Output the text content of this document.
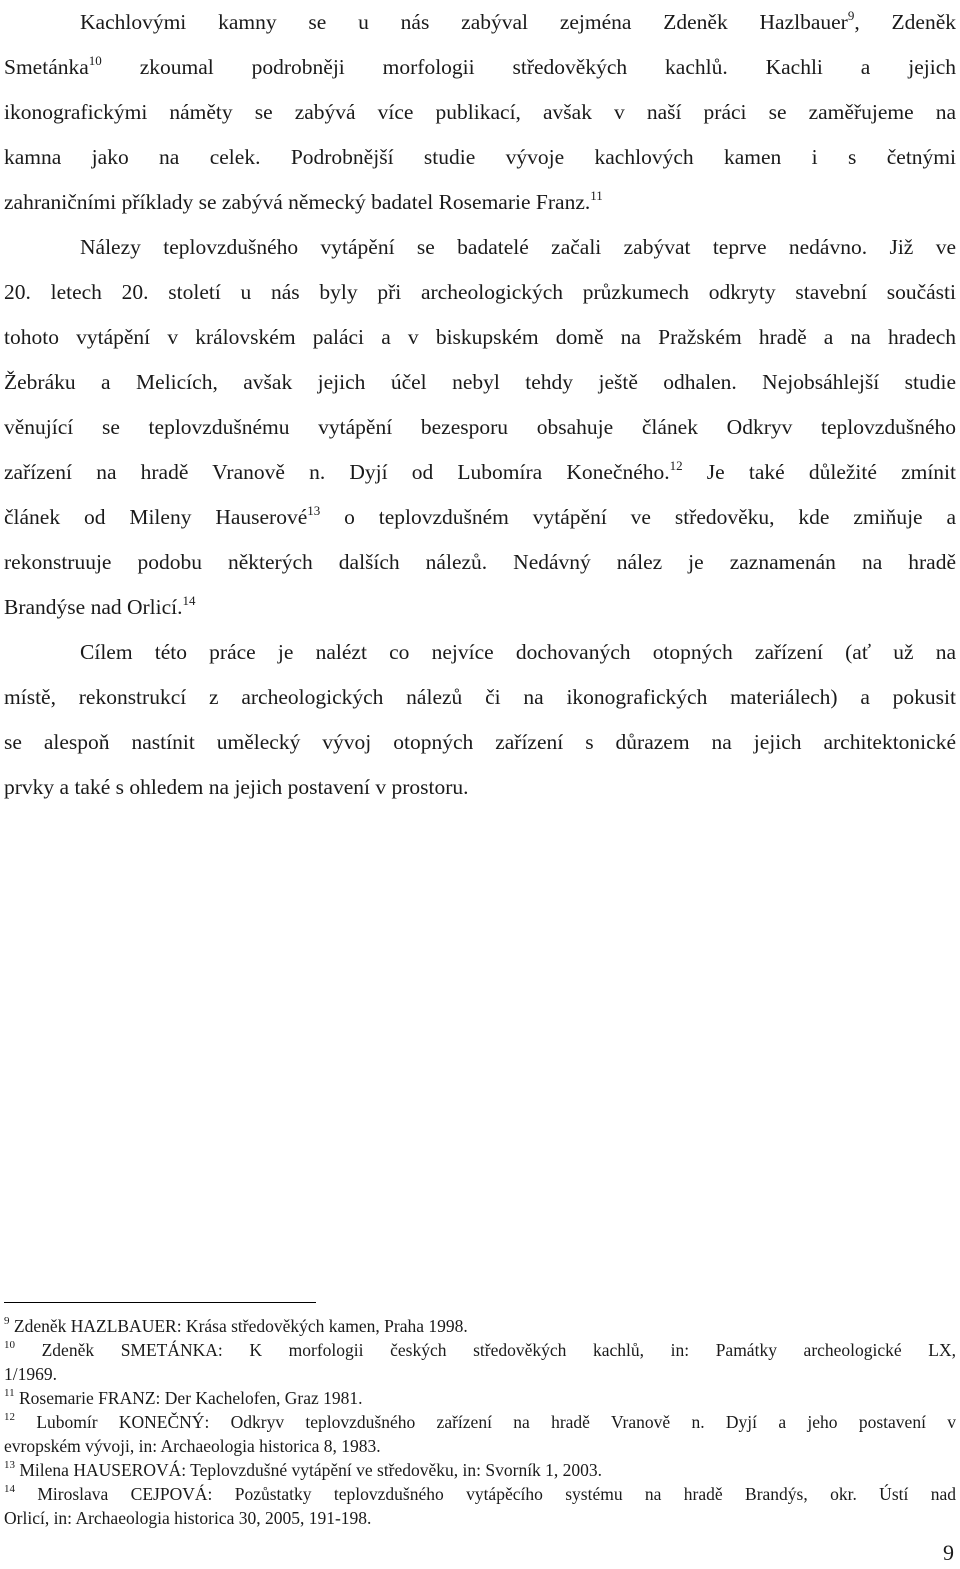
Kachlovými kamny se u nás zabýval zejména Zdeněk Hazlbauer$^9$, Zdeněk
Smetánka$^{10}$ zkoumal podrobněji morfologii středověkých kachlů. Kachli a jejich
ikonografickými náměty se zabývá více publikací, avšak v naší práci se zaměřujeme na
kamna jako na celek. Podrobnější studie vývoje kachlových kamen i s četnými
zahraničními příklady se zabývá německý badatel Rosemarie Franz.$^{11}$
Nálezy teplovzdušného vytápění se badatelé začali zabývat teprve nedávno. Již ve
20. letech 20. století u nás byly při archeologických průzkumech odkryty stavební součásti
tohoto vytápění v královském paláci a v biskupském domě na Pražském hradě a na hradech
Žebráku a Melicích, avšak jejich účel nebyl tehdy ještě odhalen. Nejobsáhlejší studie
věnující se teplovzdušnému vytápění bezesporu obsahuje článek Odkryv teplovzdušného
zařízení na hradě Vranově n. Dyjí od Lubomíra Konečného.$^{12}$ Je také důležité zmínit
článek od Mileny Hauserové$^{13}$ o teplovzdušném vytápění ve středověku, kde zmiňuje a
rekonstruuje podobu některých dalších nálezů. Nedávný nález je zaznamenán na hradě
Brandýse nad Orlicí.$^{14}$
Cílem této práce je nalézt co nejvíce dochovaných otopných zařízení (ať už na
místě, rekonstrukcí z archeologických nálezů či na ikonografických materiálech) a pokusit
se alespoň nastínit umělecký vývoj otopných zařízení s důrazem na jejich architektonické
prvky a také s ohledem na jejich postavení v prostoru.
$^9$ Zdeněk HAZLBAUER: Krása středověkých kamen, Praha 1998.
$^{10}$ Zdeněk SMETÁNKA: K morfologii českých středověkých kachlů, in: Památky archeologické LX,
1/1969.
$^{11}$ Rosemarie FRANZ: Der Kachelofen, Graz 1981.
$^{12}$ Lubomír KONEČNÝ: Odkryv teplovzdušného zařízení na hradě Vranově n. Dyjí a jeho postavení v
evropském vývoji, in: Archaeologia historica 8, 1983.
$^{13}$ Milena HAUSEROVÁ: Teplovzdušné vytápění ve středověku, in: Svorník 1, 2003.
$^{14}$ Miroslava CEJPOVÁ: Pozůstatky teplovzdušného vytápěcího systému na hradě Brandýs, okr. Ústí nad
Orlicí, in: Archaeologia historica 30, 2005, 191-198.
9
